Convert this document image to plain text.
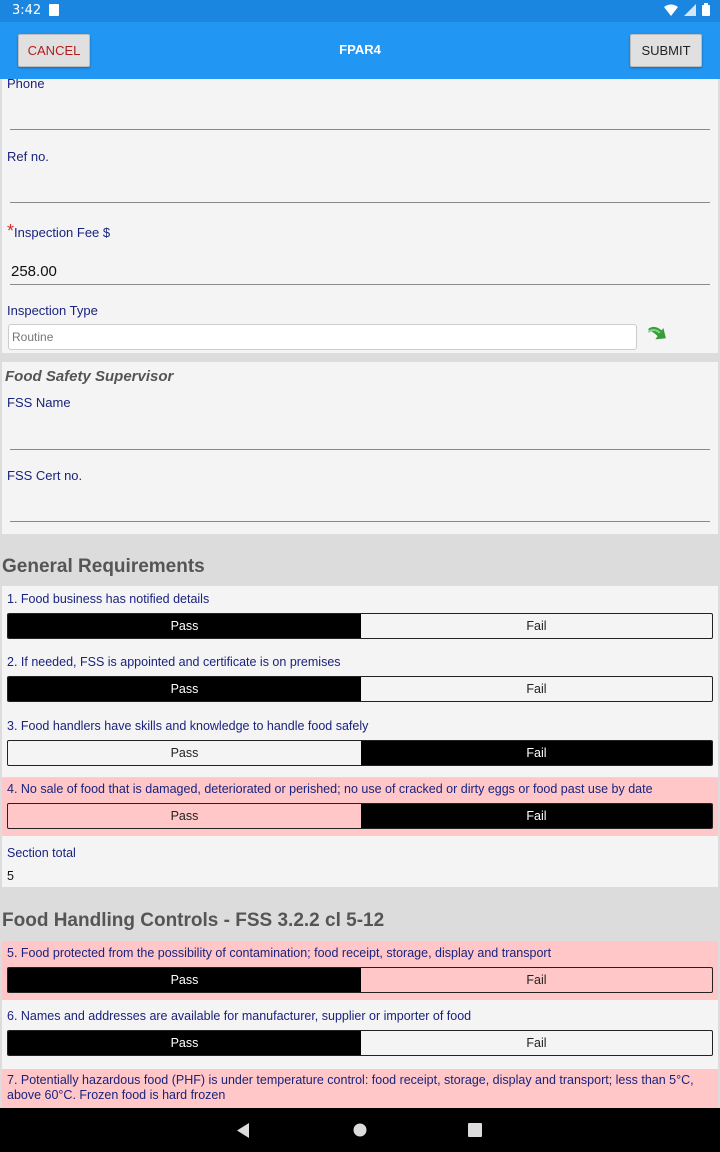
3:42
CANCEL	FPAR4	SUBMIT
Phone
Ref no.
*Inspection Fee $
258.00
Inspection Type
Routine
Food Safety Supervisor
FSS Name
FSS Cert no.
General Requirements
1. Food business has notified details
Pass	Fail
2. If needed, FSS is appointed and certificate is on premises
Pass	Fail
3. Food handlers have skills and knowledge to handle food safely
Pass	Fail
4. No sale of food that is damaged, deteriorated or perished; no use of cracked or dirty eggs or food past use by date
Pass	Fail
Section total
5
Food Handling Controls - FSS 3.2.2 cl 5-12
5. Food protected from the possibility of contamination; food receipt, storage, display and transport
Pass	Fail
6. Names and addresses are available for manufacturer, supplier or importer of food
Pass	Fail
7. Potentially hazardous food (PHF) is under temperature control: food receipt, storage, display and transport; less than 5°C, above 60°C. Frozen food is hard frozen
